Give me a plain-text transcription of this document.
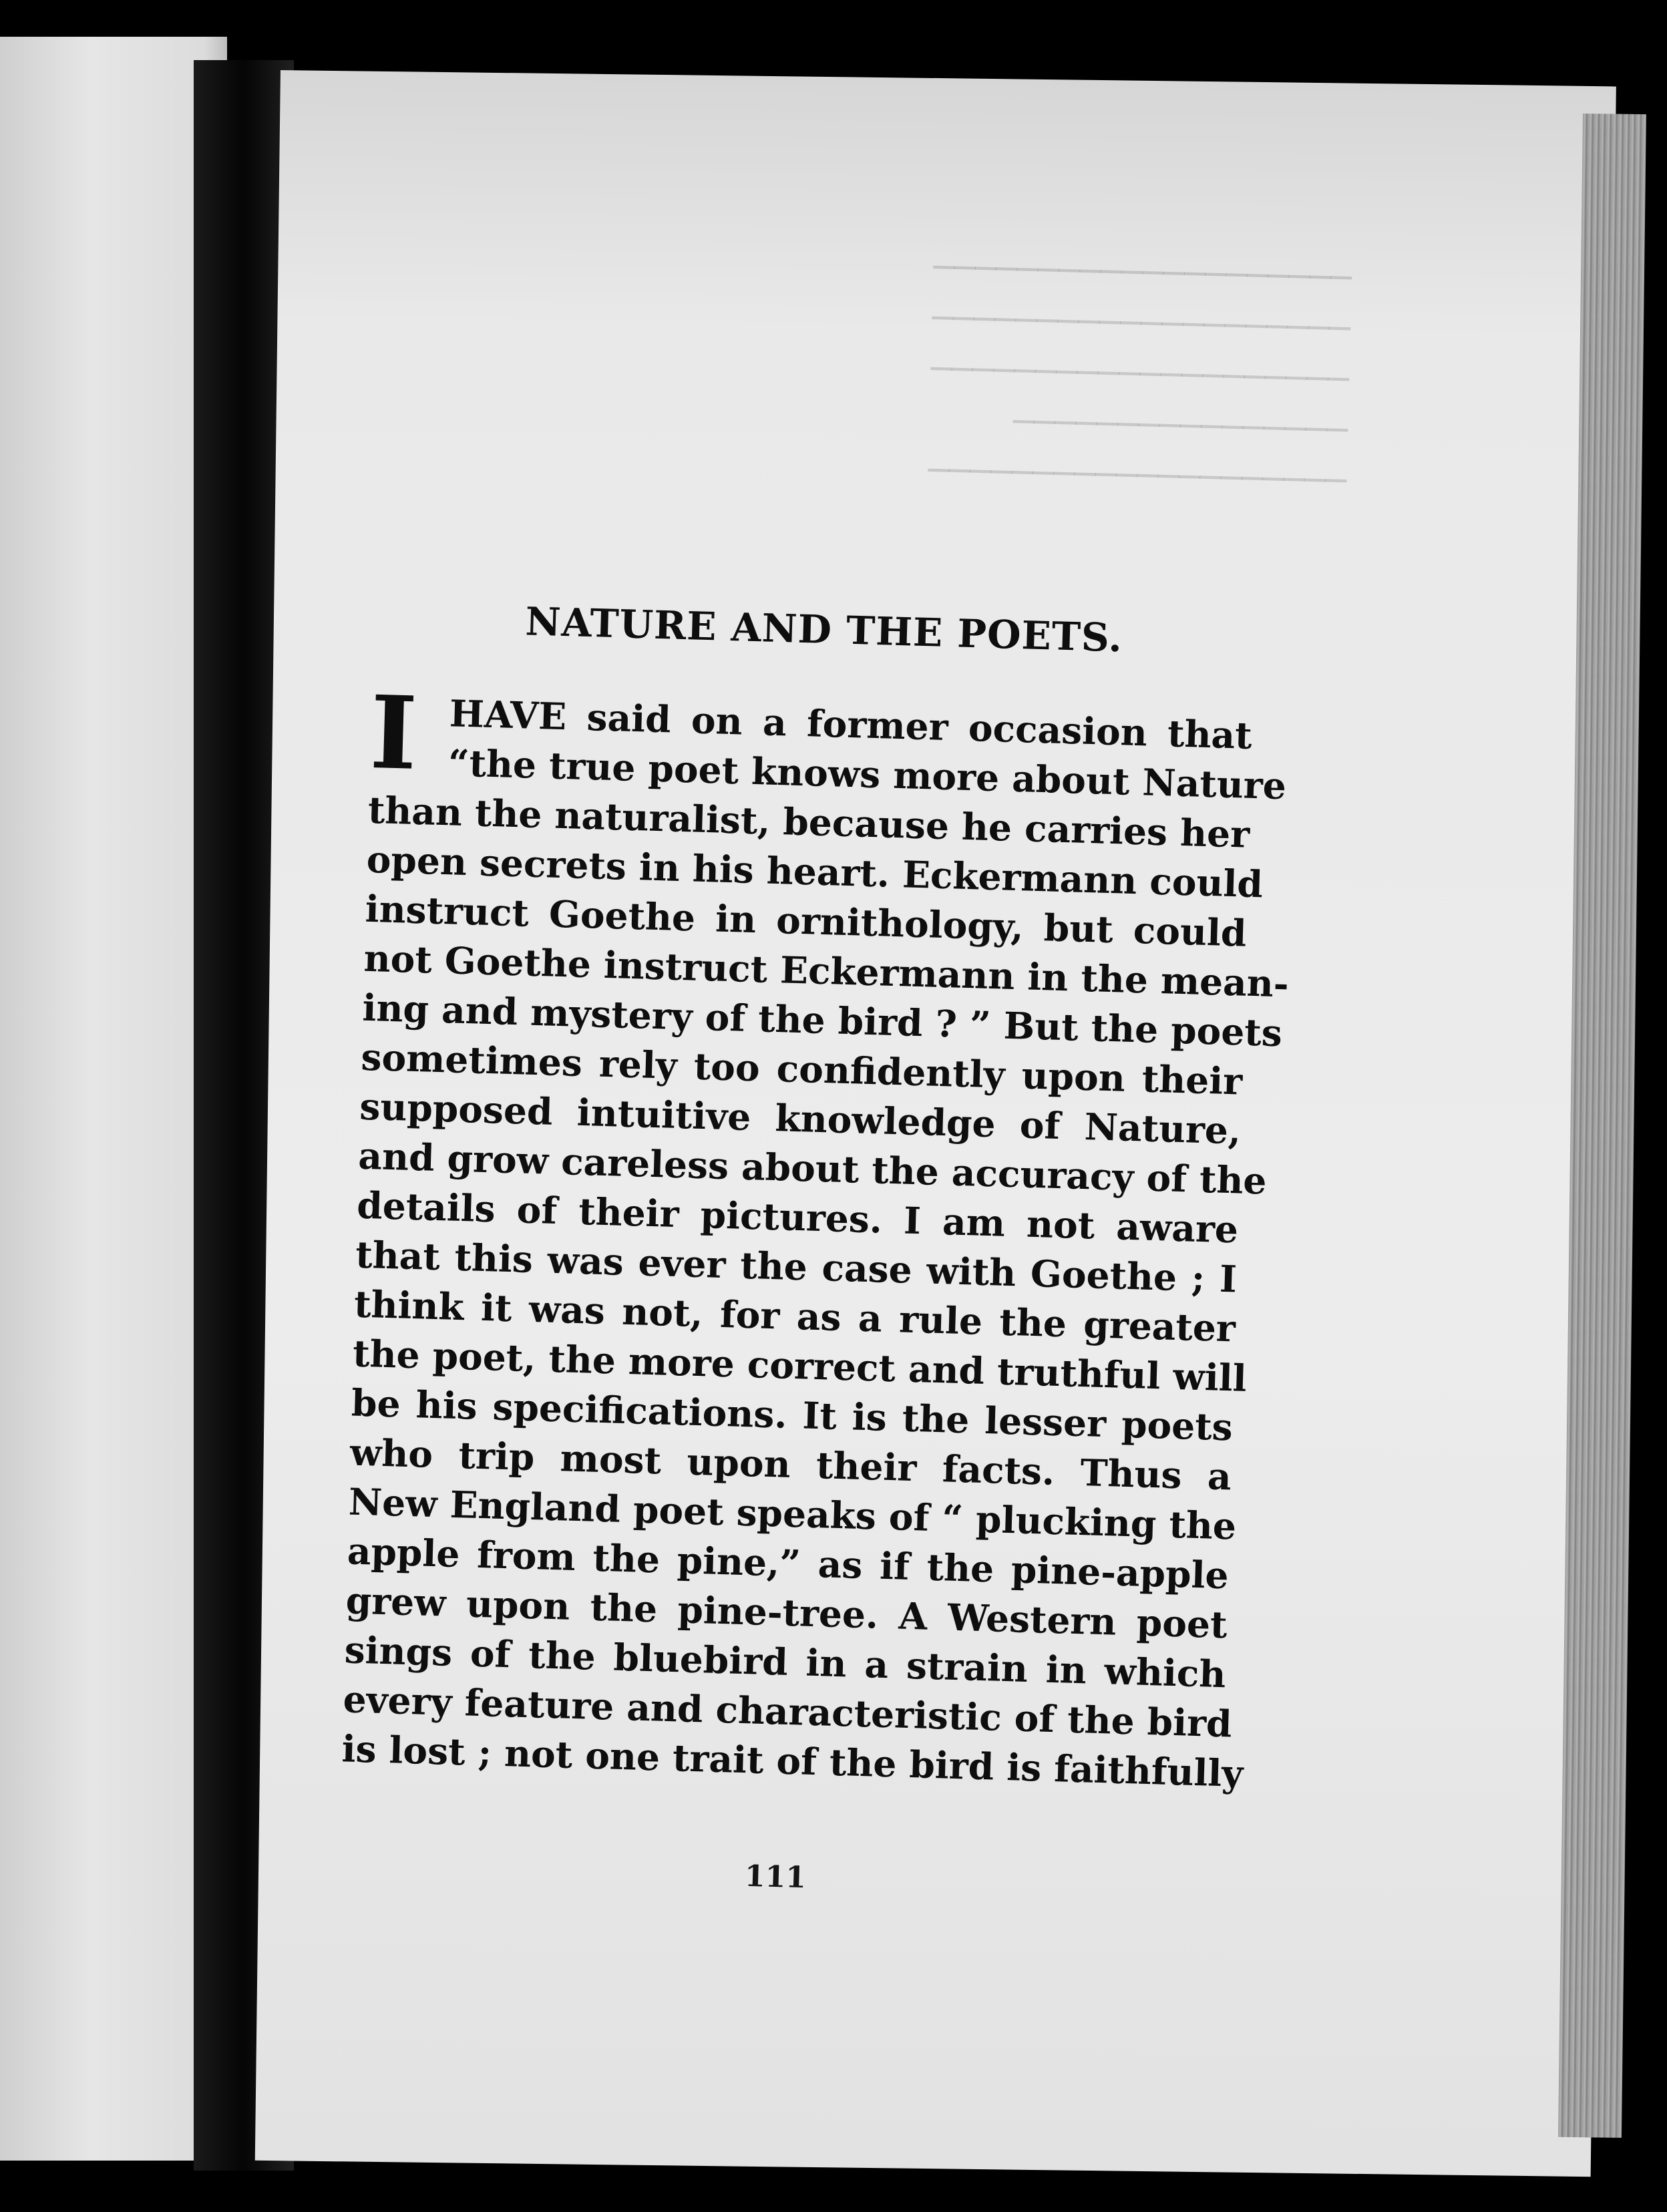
────────────────────
────────────────────
────────────────────
────────────────
────────────────────
NATURE AND THE POETS.
I HAVE said on a former occasion that
“the true poet knows more about Nature
than the naturalist, because he carries her
open secrets in his heart. Eckermann could
instruct Goethe in ornithology, but could
not Goethe instruct Eckermann in the mean-
ing and mystery of the bird ? ” But the poets
sometimes rely too confidently upon their
supposed intuitive knowledge of Nature,
and grow careless about the accuracy of the
details of their pictures. I am not aware
that this was ever the case with Goethe ; I
think it was not, for as a rule the greater
the poet, the more correct and truthful will
be his specifications. It is the lesser poets
who trip most upon their facts. Thus a
New England poet speaks of “ plucking the
apple from the pine,” as if the pine-apple
grew upon the pine-tree. A Western poet
sings of the bluebird in a strain in which
every feature and characteristic of the bird
is lost ; not one trait of the bird is faithfully
111
